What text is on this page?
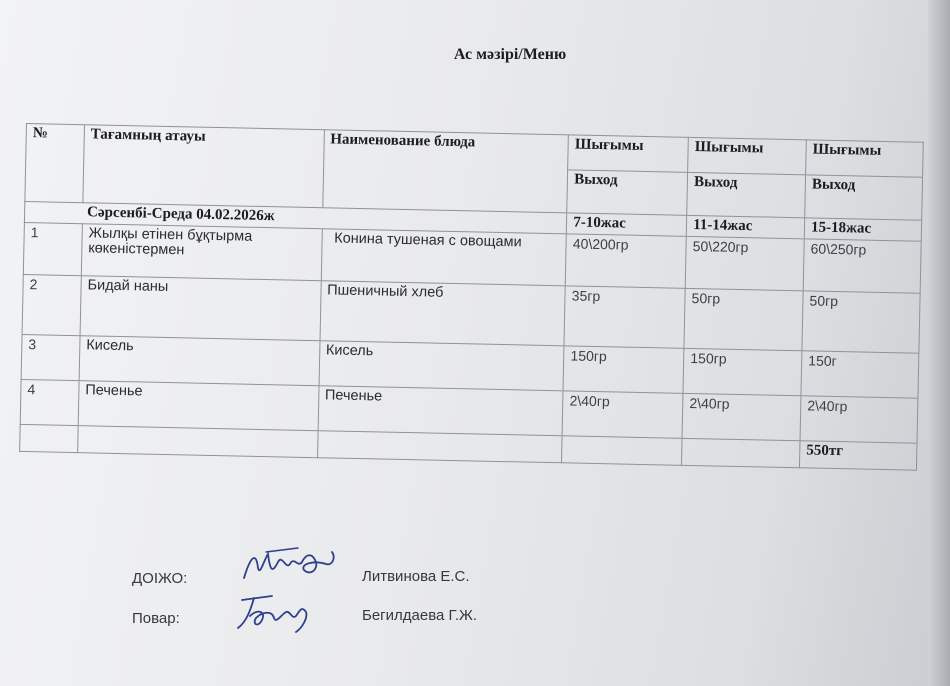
Ас мәзірі/Меню
№	Тағамның атауы	Наименование блюда	Шығымы	Шығымы	Шығымы
			Выход	Выход	Выход
Сәрсенбі-Среда 04.02.2026ж			7-10жас	11-14жас	15-18жас
1	Жылқы етінен бұқтырма көкеністермен	Конина тушеная с овощами	40\200гр	50\220гр	60\250гр
2	Бидай наны	Пшеничный хлеб	35гр	50гр	50гр
3	Кисель	Кисель	150гр	150гр	150г
4	Печенье	Печенье	2\40гр	2\40гр	2\40гр
					550тг
ДОІЖО:	Литвинова Е.С.
Повар:	Бегилдаева Г.Ж.
